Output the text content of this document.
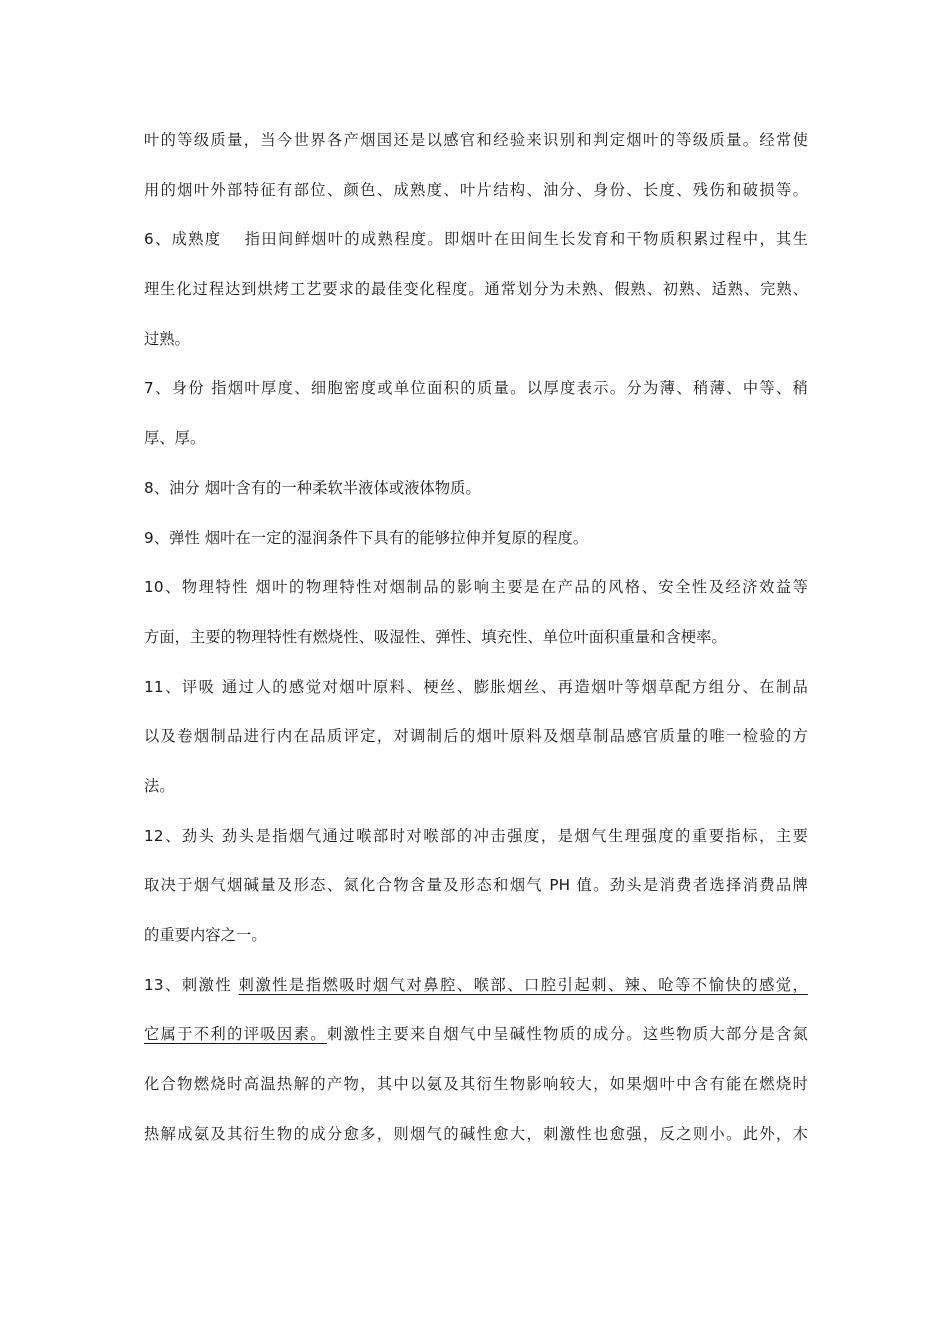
叶的等级质量，当今世界各产烟国还是以感官和经验来识别和判定烟叶的等级质量。经常使
用的烟叶外部特征有部位、颜色、成熟度、叶片结构、油分、身份、长度、残伤和破损等。
6、成熟度 指田间鲜烟叶的成熟程度。即烟叶在田间生长发育和干物质积累过程中，其生
理生化过程达到烘烤工艺要求的最佳变化程度。通常划分为未熟、假熟、初熟、适熟、完熟、
过熟。
7、身份 指烟叶厚度、细胞密度或单位面积的质量。以厚度表示。分为薄、稍薄、中等、稍
厚、厚。
8、油分 烟叶含有的一种柔软半液体或液体物质。
9、弹性 烟叶在一定的湿润条件下具有的能够拉伸并复原的程度。
10、物理特性 烟叶的物理特性对烟制品的影响主要是在产品的风格、安全性及经济效益等
方面，主要的物理特性有燃烧性、吸湿性、弹性、填充性、单位叶面积重量和含梗率。
11、评吸 通过人的感觉对烟叶原料、梗丝、膨胀烟丝、再造烟叶等烟草配方组分、在制品
以及卷烟制品进行内在品质评定，对调制后的烟叶原料及烟草制品感官质量的唯一检验的方
法。
12、劲头 劲头是指烟气通过喉部时对喉部的冲击强度，是烟气生理强度的重要指标，主要
取决于烟气烟碱量及形态、氮化合物含量及形态和烟气 PH 值。劲头是消费者选择消费品牌
的重要内容之一。
13、刺激性 刺激性是指燃吸时烟气对鼻腔、喉部、口腔引起刺、辣、呛等不愉快的感觉，
它属于不利的评吸因素。刺激性主要来自烟气中呈碱性物质的成分。这些物质大部分是含氮
化合物燃烧时高温热解的产物，其中以氨及其衍生物影响较大，如果烟叶中含有能在燃烧时
热解成氨及其衍生物的成分愈多，则烟气的碱性愈大，刺激性也愈强，反之则小。此外，木
